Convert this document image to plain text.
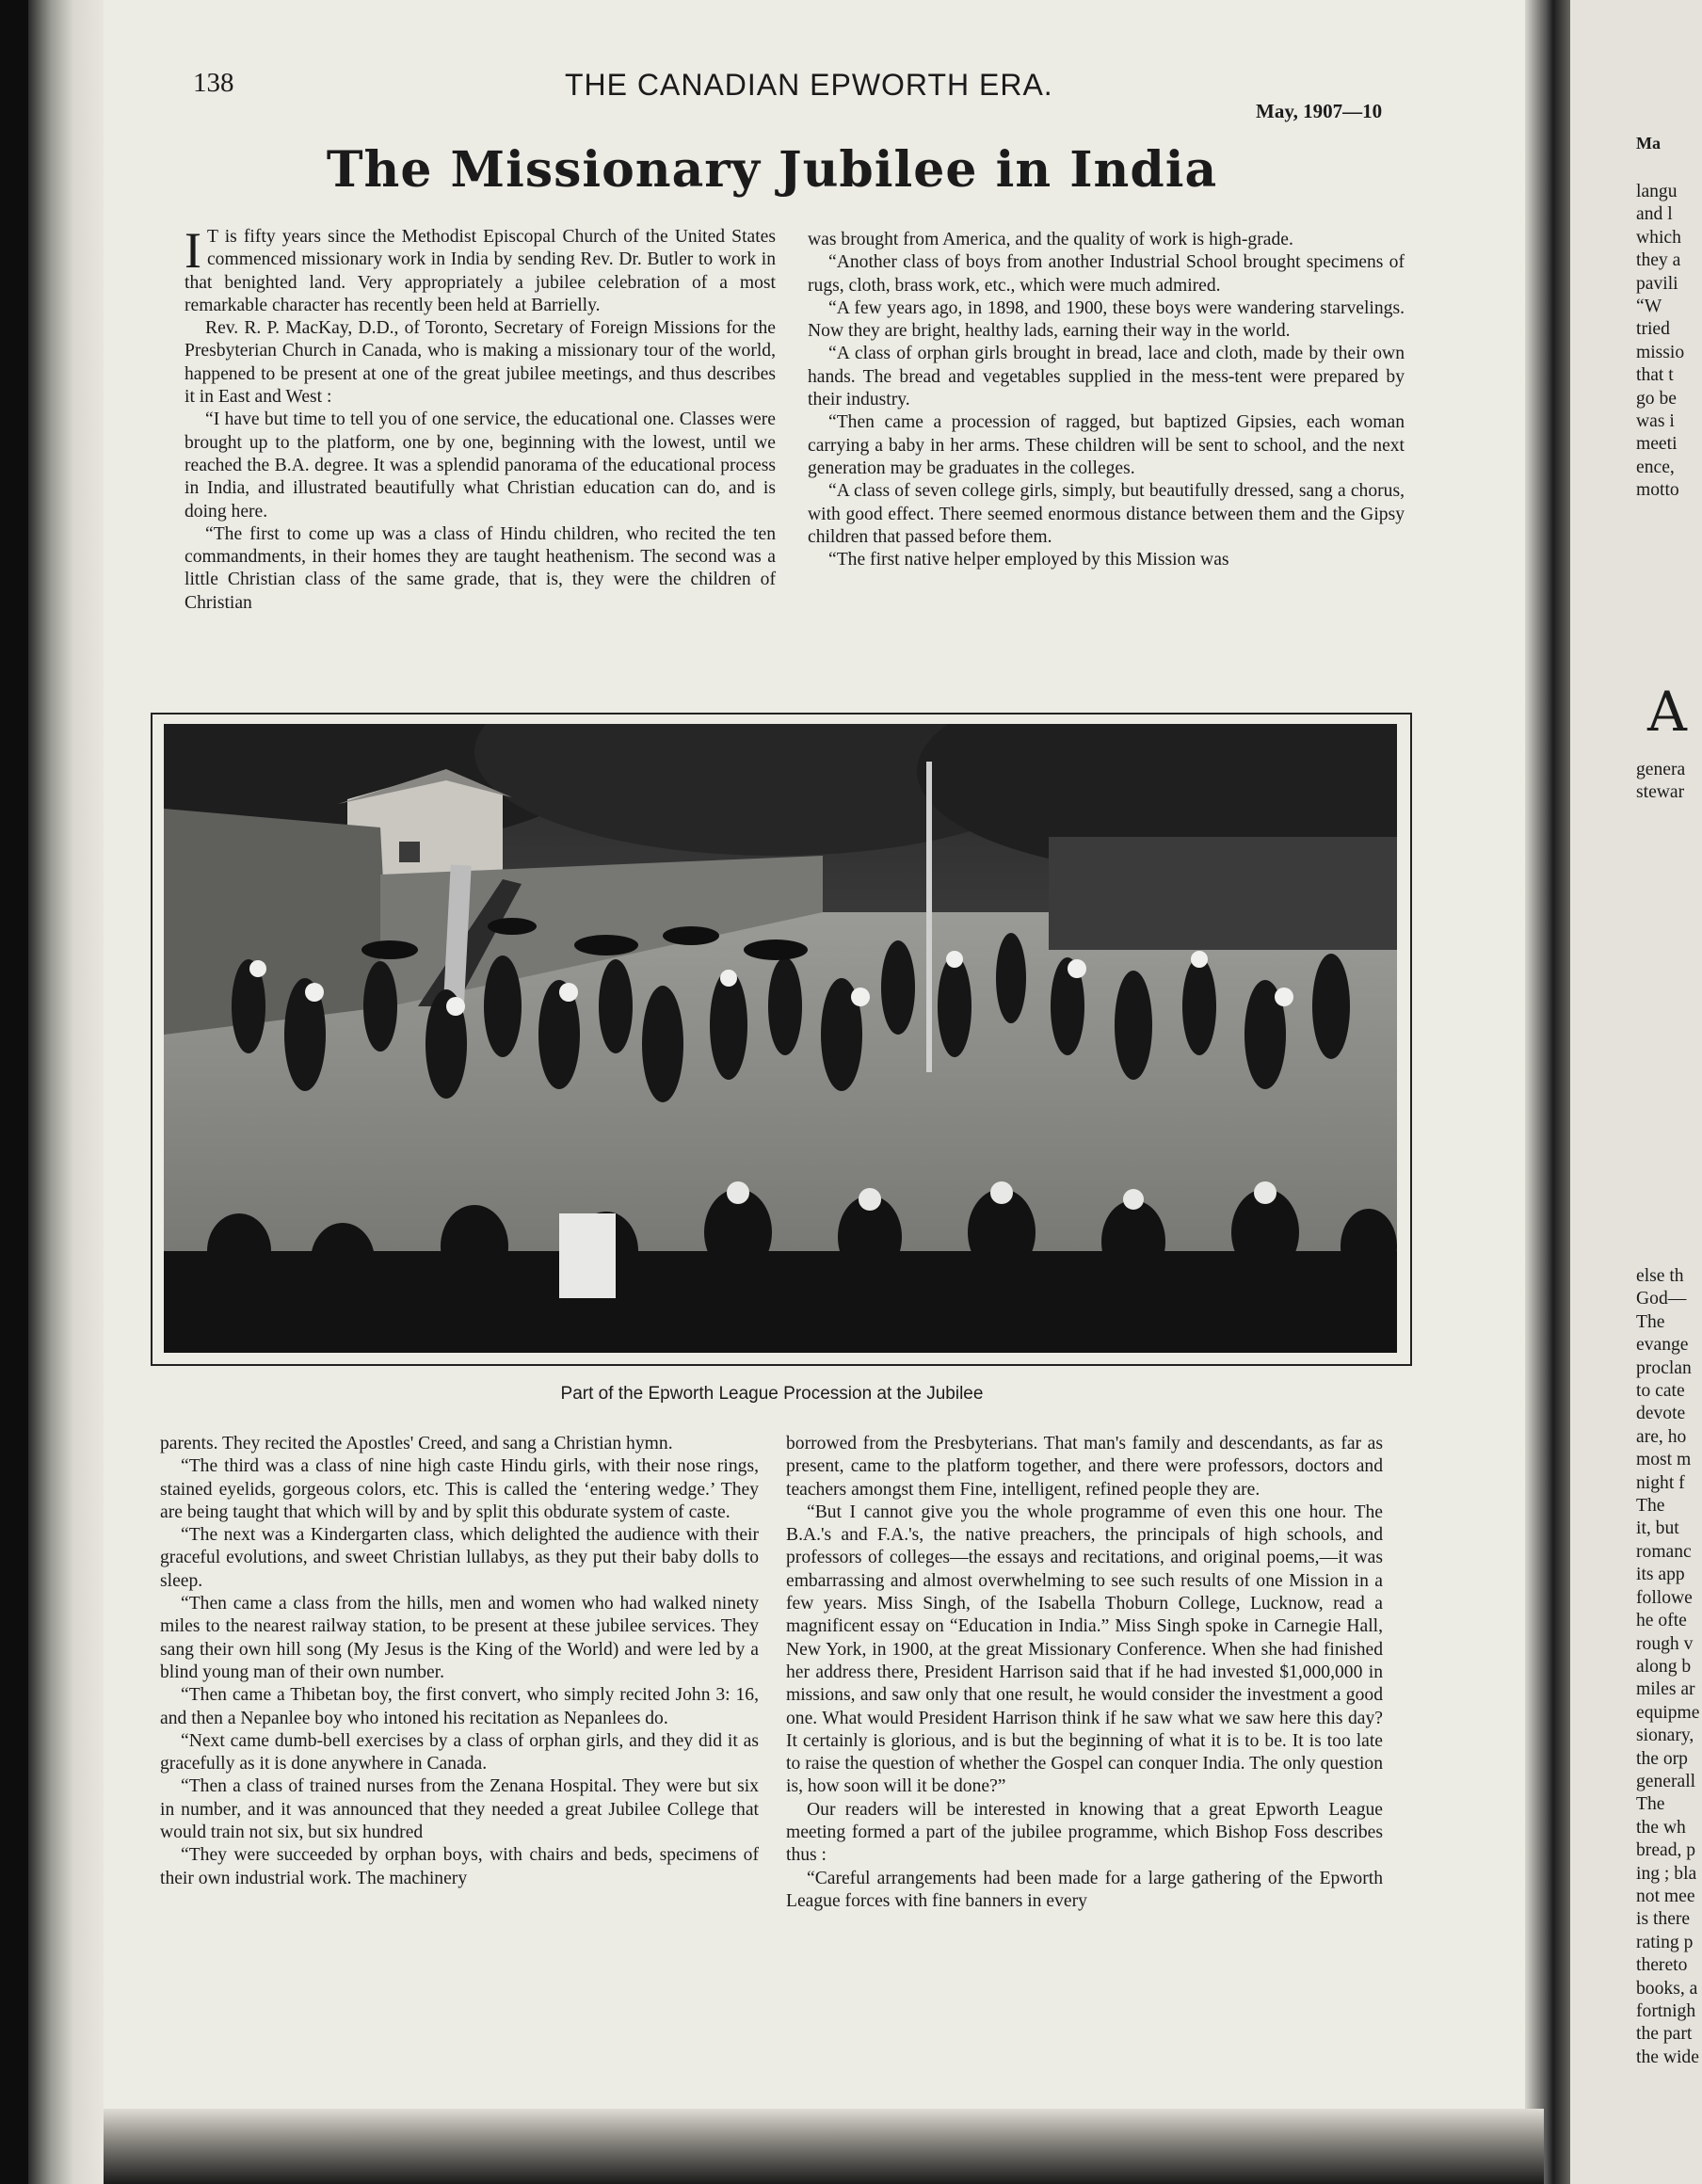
138	THE CANADIAN EPWORTH ERA.
May, 1907—10
The Missionary Jubilee in India

IT is fifty years since the Methodist Episcopal Church of the United States commenced missionary work in India by sending Rev. Dr. Butler to work in that benighted land. Very appropriately a jubilee celebration of a most remarkable character has recently been held at Barrielly.

Rev. R. P. MacKay, D.D., of Toronto, Secretary of Foreign Missions for the Presbyterian Church in Canada, who is making a missionary tour of the world, happened to be present at one of the great jubilee meetings, and thus describes it in East and West :

“I have but time to tell you of one service, the educational one. Classes were brought up to the platform, one by one, beginning with the lowest, until we reached the B.A. degree. It was a splendid panorama of the educational process in India, and illustrated beautifully what Christian education can do, and is doing here.

“The first to come up was a class of Hindu children, who recited the ten commandments, in their homes they are taught heathenism. The second was a little Christian class of the same grade, that is, they were the children of Christian

was brought from America, and the quality of work is high-grade.

“Another class of boys from another Industrial School brought specimens of rugs, cloth, brass work, etc., which were much admired.

“A few years ago, in 1898, and 1900, these boys were wandering starvelings. Now they are bright, healthy lads, earning their way in the world.

“A class of orphan girls brought in bread, lace and cloth, made by their own hands. The bread and vegetables supplied in the mess-tent were prepared by their industry.

“Then came a procession of ragged, but baptized Gipsies, each woman carrying a baby in her arms. These children will be sent to school, and the next generation may be graduates in the colleges.

“A class of seven college girls, simply, but beautifully dressed, sang a chorus, with good effect. There seemed enormous distance between them and the Gipsy children that passed before them.

“The first native helper employed by this Mission was

Part of the Epworth League Procession at the Jubilee

parents. They recited the Apostles' Creed, and sang a Christian hymn.

“The third was a class of nine high caste Hindu girls, with their nose rings, stained eyelids, gorgeous colors, etc. This is called the ‘entering wedge.’ They are being taught that which will by and by split this obdurate system of caste.

“The next was a Kindergarten class, which delighted the audience with their graceful evolutions, and sweet Christian lullabys, as they put their baby dolls to sleep.

“Then came a class from the hills, men and women who had walked ninety miles to the nearest railway station, to be present at these jubilee services. They sang their own hill song (My Jesus is the King of the World) and were led by a blind young man of their own number.

“Then came a Thibetan boy, the first convert, who simply recited John 3: 16, and then a Nepanlee boy who intoned his recitation as Nepanlees do.

“Next came dumb-bell exercises by a class of orphan girls, and they did it as gracefully as it is done anywhere in Canada.

“Then a class of trained nurses from the Zenana Hospital. They were but six in number, and it was announced that they needed a great Jubilee College that would train not six, but six hundred

“They were succeeded by orphan boys, with chairs and beds, specimens of their own industrial work. The machinery

borrowed from the Presbyterians. That man's family and descendants, as far as present, came to the platform together, and there were professors, doctors and teachers amongst them Fine, intelligent, refined people they are.

“But I cannot give you the whole programme of even this one hour. The B.A.'s and F.A.'s, the native preachers, the principals of high schools, and professors of colleges—the essays and recitations, and original poems,—it was embarrassing and almost overwhelming to see such results of one Mission in a few years. Miss Singh, of the Isabella Thoburn College, Lucknow, read a magnificent essay on “Education in India.” Miss Singh spoke in Carnegie Hall, New York, in 1900, at the great Missionary Conference. When she had finished her address there, President Harrison said that if he had invested $1,000,000 in missions, and saw only that one result, he would consider the investment a good one. What would President Harrison think if he saw what we saw here this day? It certainly is glorious, and is but the beginning of what it is to be. It is too late to raise the question of whether the Gospel can conquer India. The only question is, how soon will it be done?”

Our readers will be interested in knowing that a great Epworth League meeting formed a part of the jubilee programme, which Bishop Foss describes thus :

“Careful arrangements had been made for a large gathering of the Epworth League forces with fine banners in every

Ma
langu
and l
which
they a
pavili
“W
tried
missio
that t
go be
was i
meeti
ence,
motto
A
genera
stewar
else th
God—
The
evange
proclan
to cate
devote
are, ho
most m
night f
The
it, but
romanc
its app
followe
he ofte
rough v
along b
miles ar
equipme
sionary,
the orp
generall
The
the wh
bread, p
ing ; bla
not mee
is there
rating p
thereto
books, a
fortnigh
the part
the wide
